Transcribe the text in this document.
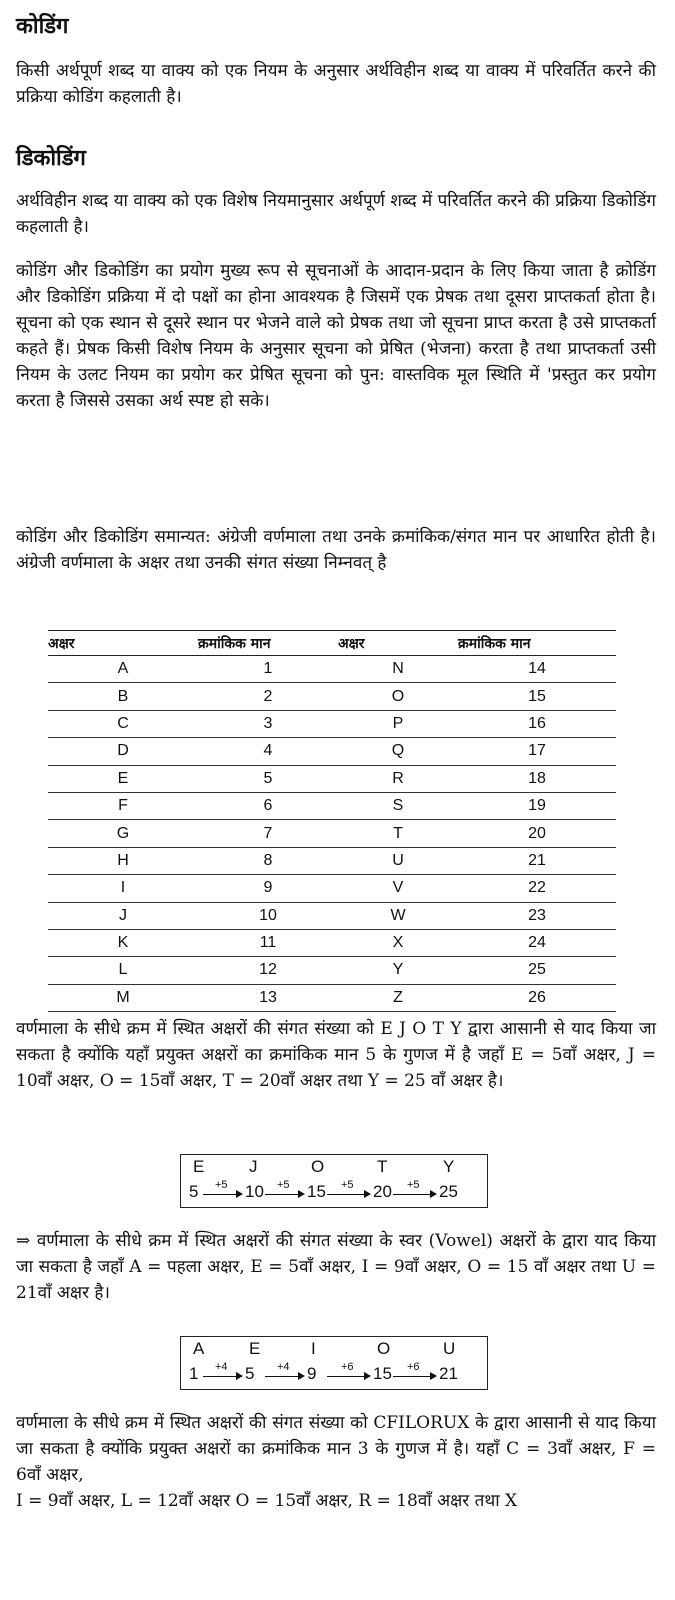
कोडिंग

किसी अर्थपूर्ण शब्द या वाक्य को एक नियम के अनुसार अर्थविहीन शब्द या वाक्य में परिवर्तित करने की प्रक्रिया कोडिंग कहलाती है।

डिकोडिंग

अर्थविहीन शब्द या वाक्य को एक विशेष नियमानुसार अर्थपूर्ण शब्द में परिवर्तित करने की प्रक्रिया डिकोडिंग कहलाती है।

कोडिंग और डिकोडिंग का प्रयोग मुख्य रूप से सूचनाओं के आदान-प्रदान के लिए किया जाता है क्रोडिंग और डिकोडिंग प्रक्रिया में दो पक्षों का होना आवश्यक है जिसमें एक प्रेषक तथा दूसरा प्राप्तकर्ता होता है। सूचना को एक स्थान से दूसरे स्थान पर भेजने वाले को प्रेषक तथा जो सूचना प्राप्त करता है उसे प्राप्तकर्ता कहते हैं। प्रेषक किसी विशेष नियम के अनुसार सूचना को प्रेषित (भेजना) करता है तथा प्राप्तकर्ता उसी नियम के उलट नियम का प्रयोग कर प्रेषित सूचना को पुन: वास्तविक मूल स्थिति में 'प्रस्तुत कर प्रयोग करता है जिससे उसका अर्थ स्पष्ट हो सके।

कोडिंग और डिकोडिंग समान्यत: अंग्रेजी वर्णमाला तथा उनके क्रमांकिक/संगत मान पर आधारित होती है। अंग्रेजी वर्णमाला के अक्षर तथा उनकी संगत संख्या निम्नवत् है

अक्षर	क्रमांकिक मान	अक्षर	क्रमांकिक मान
A	1	N	14
B	2	O	15
C	3	P	16
D	4	Q	17
E	5	R	18
F	6	S	19
G	7	T	20
H	8	U	21
I	9	V	22
J	10	W	23
K	11	X	24
L	12	Y	25
M	13	Z	26

वर्णमाला के सीधे क्रम में स्थित अक्षरों की संगत संख्या को E J O T Y द्वारा आसानी से याद किया जा सकता है क्योंकि यहाँ प्रयुक्त अक्षरों का क्रमांकिक मान 5 के गुणज में है जहाँ E = 5वाँ अक्षर, J = 10वाँ अक्षर, O = 15वाँ अक्षर, T = 20वाँ अक्षर तथा Y = 25 वाँ अक्षर है।

E
5
J
10
O
15
T
20
Y
25
+5	+5	+5	+5

⇒ वर्णमाला के सीधे क्रम में स्थित अक्षरों की संगत संख्या के स्वर (Vowel) अक्षरों के द्वारा याद किया जा सकता है जहाँ A = पहला अक्षर, E = 5वाँ अक्षर, I = 9वाँ अक्षर, O = 15 वाँ अक्षर तथा U = 21वाँ अक्षर है।

A
1
E
5
I
9
O
15
U
21
+4	+4	+6	+6

वर्णमाला के सीधे क्रम में स्थित अक्षरों की संगत संख्या को CFILORUX के द्वारा आसानी से याद किया जा सकता है क्योंकि प्रयुक्त अक्षरों का क्रमांकिक मान 3 के गुणज में है। यहाँ C = 3वाँ अक्षर, F = 6वाँ अक्षर,

I = 9वाँ अक्षर, L = 12वाँ अक्षर O = 15वाँ अक्षर, R = 18वाँ अक्षर तथा X
